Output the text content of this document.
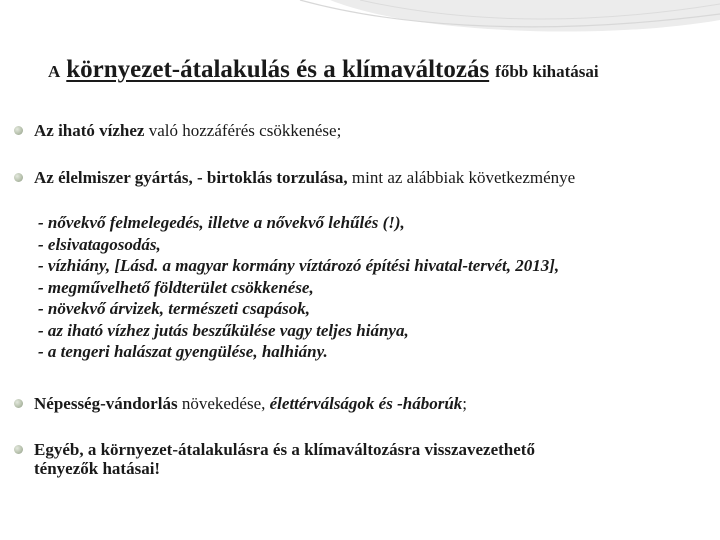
A környezet-átalakulás és a klímaváltozás főbb kihatásai
Az iható vízhez való hozzáférés csökkenése;
Az élelmiszer gyártás, - birtoklás torzulása, mint az alábbiak következménye
- nővekvő felmelegedés, illetve a nővekvő lehűlés (!),
- elsivatagosodás,
- vízhiány, [Lásd. a magyar kormány víztározó építési hivatal-tervét, 2013],
- megművelhető földterület csökkenése,
- növekvő árvizek, természeti csapások,
- az iható vízhez jutás beszűkülése vagy teljes hiánya,
- a tengeri halászat gyengülése, halhiány.
Népesség-vándorlás növekedése, élettérválságok és -háborúk;
Egyéb, a környezet-átalakulásra és a klímaváltozásra visszavezethető
tényezők hatásai!
